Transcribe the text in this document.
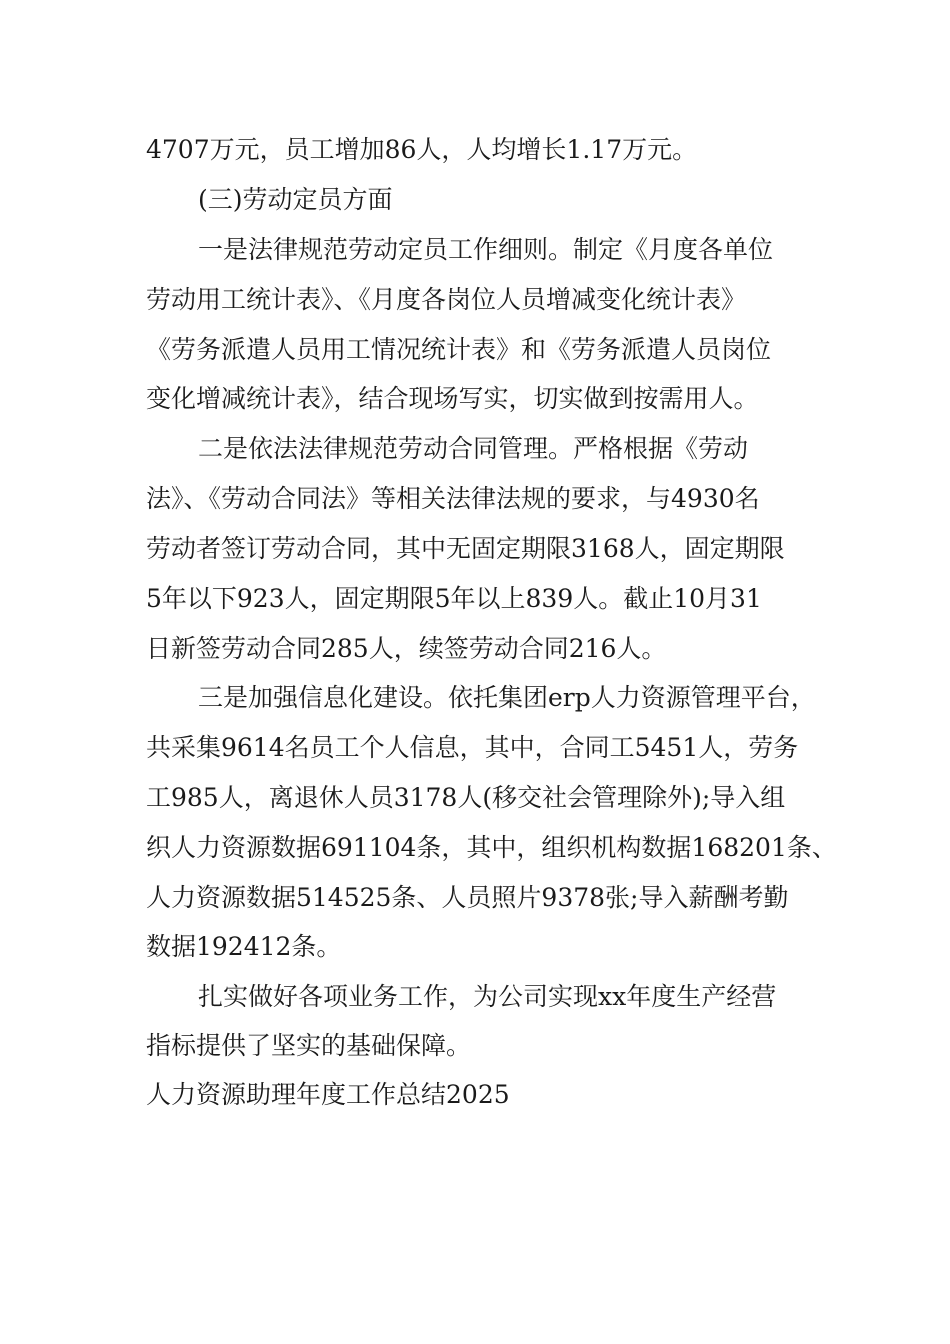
4707万元，员工增加86人，人均增长1.17万元。
(三)劳动定员方面
一是法律规范劳动定员工作细则。制定《月度各单位
劳动用工统计表》、《月度各岗位人员增减变化统计表》
《劳务派遣人员用工情况统计表》和《劳务派遣人员岗位
变化增减统计表》，结合现场写实，切实做到按需用人。
二是依法法律规范劳动合同管理。严格根据《劳动
法》、《劳动合同法》等相关法律法规的要求，与4930名
劳动者签订劳动合同，其中无固定期限3168人，固定期限
5年以下923人，固定期限5年以上839人。截止10月31
日新签劳动合同285人，续签劳动合同216人。
三是加强信息化建设。依托集团erp人力资源管理平台，
共采集9614名员工个人信息，其中，合同工5451人，劳务
工985人，离退休人员3178人(移交社会管理除外);导入组
织人力资源数据691104条，其中，组织机构数据168201条、
人力资源数据514525条、人员照片9378张;导入薪酬考勤
数据192412条。
扎实做好各项业务工作，为公司实现xx年度生产经营
指标提供了坚实的基础保障。
人力资源助理年度工作总结2025
